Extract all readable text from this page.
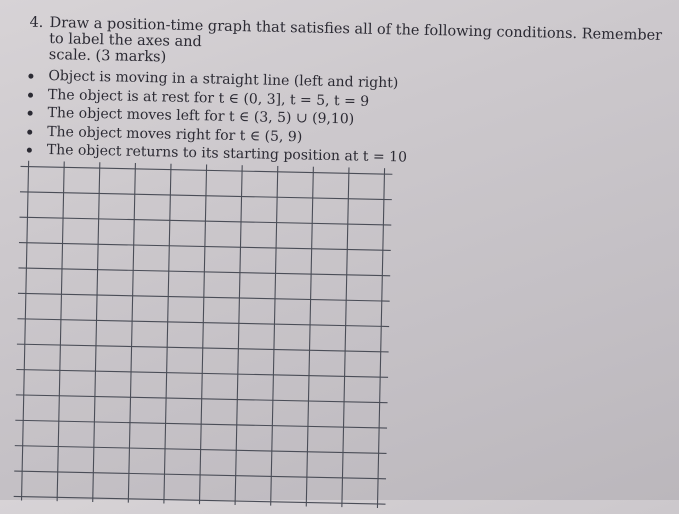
4. Draw a position-time graph that satisfies all of the following conditions. Remember to label the axes and
scale. (3 marks)
Object is moving in a straight line (left and right)
The object is at rest for t ∈ (0, 3], t = 5, t = 9
The object moves left for t ∈ (3, 5) ∪ (9,10)
The object moves right for t ∈ (5, 9)
The object returns to its starting position at t = 10
